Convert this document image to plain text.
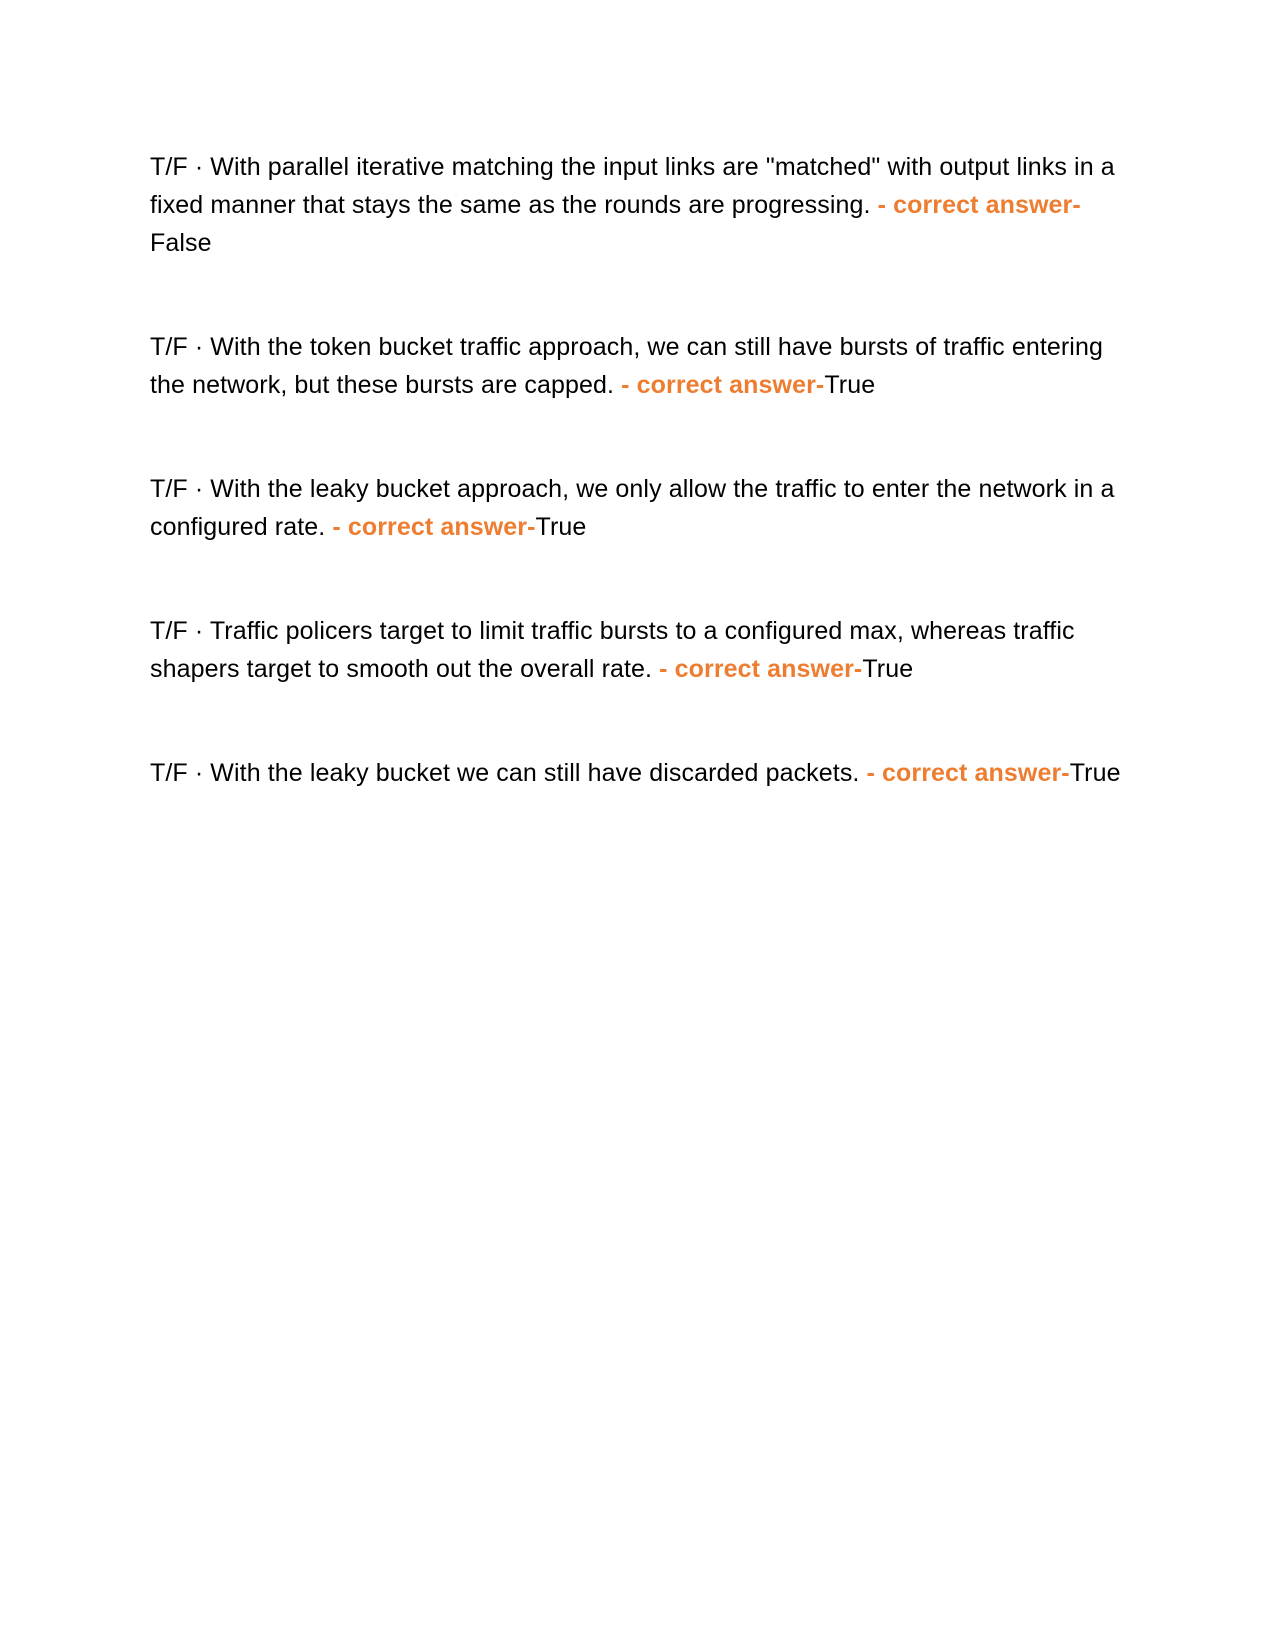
T/F · With parallel iterative matching the input links are "matched" with output links in a fixed manner that stays the same as the rounds are progressing. - correct answer-False

T/F · With the token bucket traffic approach, we can still have bursts of traffic entering the network, but these bursts are capped. - correct answer-True

T/F · With the leaky bucket approach, we only allow the traffic to enter the network in a configured rate. - correct answer-True

T/F · Traffic policers target to limit traffic bursts to a configured max, whereas traffic shapers target to smooth out the overall rate. - correct answer-True

T/F · With the leaky bucket we can still have discarded packets. - correct answer-True
